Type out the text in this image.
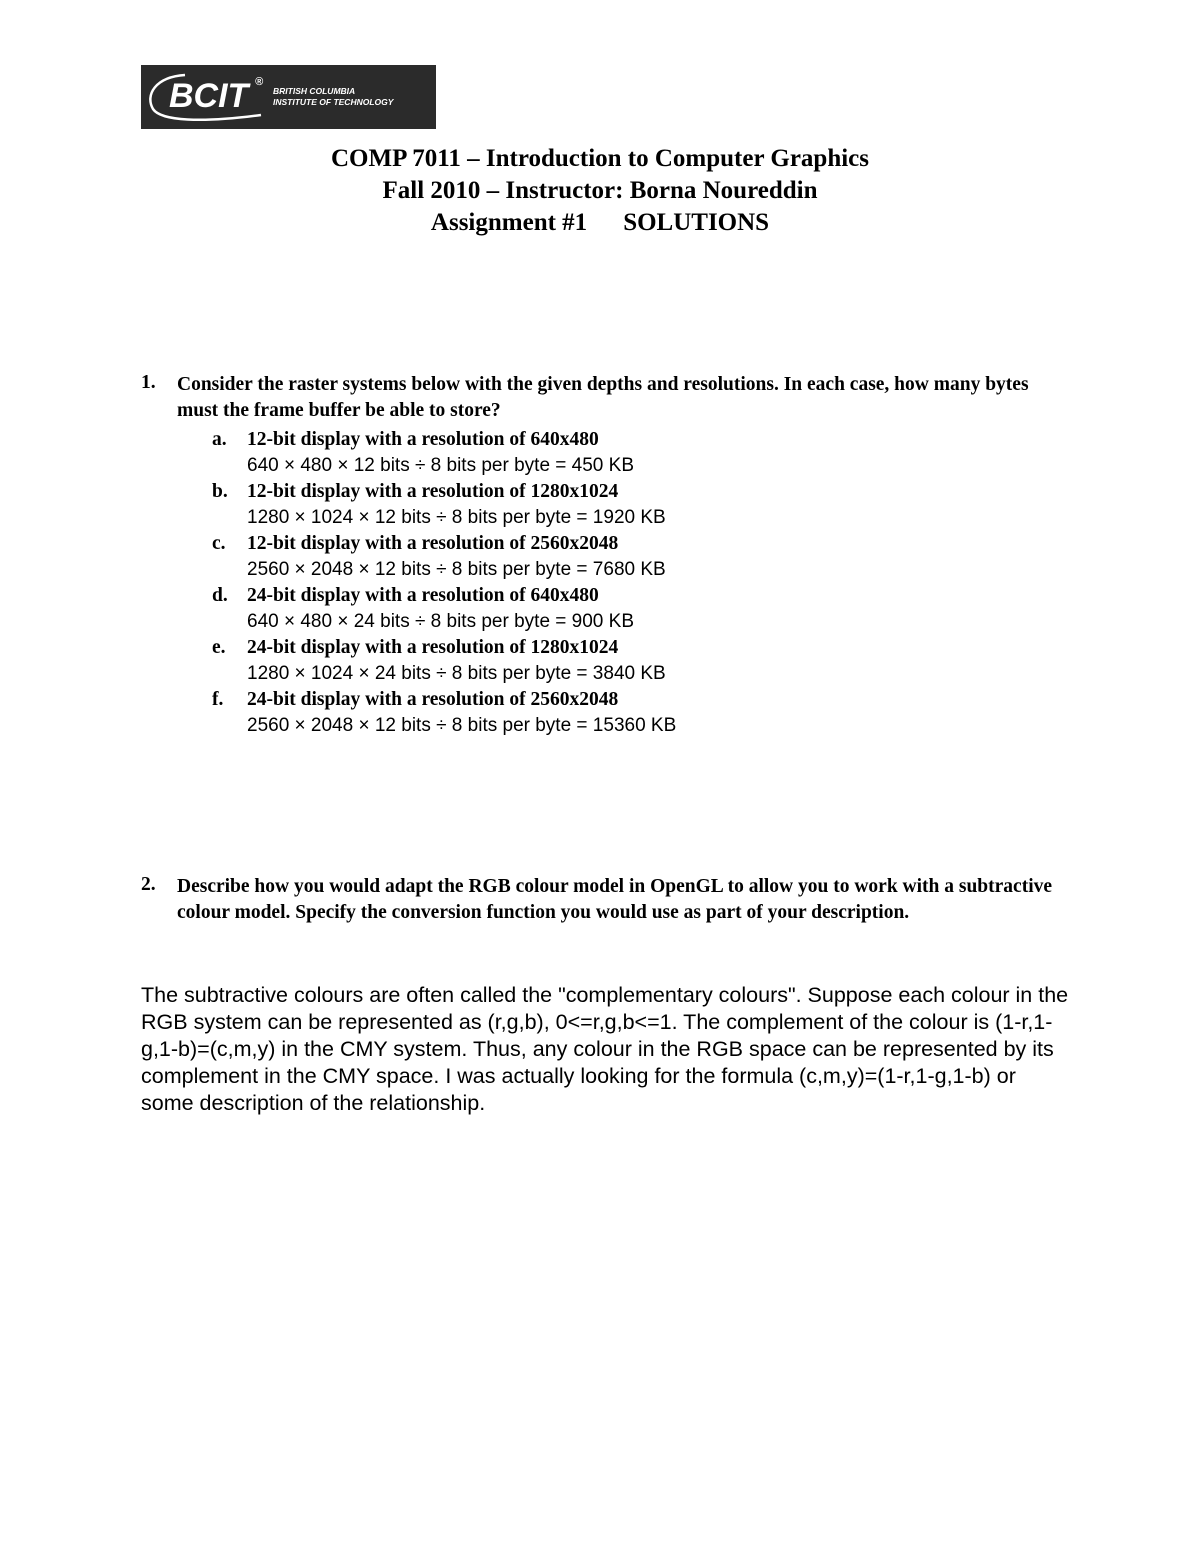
BCIT ®
BRITISH COLUMBIA
INSTITUTE OF TECHNOLOGY
COMP 7011 – Introduction to Computer Graphics
Fall 2010 – Instructor: Borna Noureddin
Assignment #1 SOLUTIONS
1. Consider the raster systems below with the given depths and resolutions. In each case, how many bytes must the frame buffer be able to store?
a. 12-bit display with a resolution of 640x480
640 × 480 × 12 bits ÷ 8 bits per byte = 450 KB
b. 12-bit display with a resolution of 1280x1024
1280 × 1024 × 12 bits ÷ 8 bits per byte = 1920 KB
c. 12-bit display with a resolution of 2560x2048
2560 × 2048 × 12 bits ÷ 8 bits per byte = 7680 KB
d. 24-bit display with a resolution of 640x480
640 × 480 × 24 bits ÷ 8 bits per byte = 900 KB
e. 24-bit display with a resolution of 1280x1024
1280 × 1024 × 24 bits ÷ 8 bits per byte = 3840 KB
f. 24-bit display with a resolution of 2560x2048
2560 × 2048 × 12 bits ÷ 8 bits per byte = 15360 KB
2. Describe how you would adapt the RGB colour model in OpenGL to allow you to work with a subtractive colour model. Specify the conversion function you would use as part of your description.
The subtractive colours are often called the "complementary colours". Suppose each colour in the RGB system can be represented as (r,g,b), 0<=r,g,b<=1. The complement of the colour is (1-r,1-g,1-b)=(c,m,y) in the CMY system. Thus, any colour in the RGB space can be represented by its complement in the CMY space. I was actually looking for the formula (c,m,y)=(1-r,1-g,1-b) or some description of the relationship.
